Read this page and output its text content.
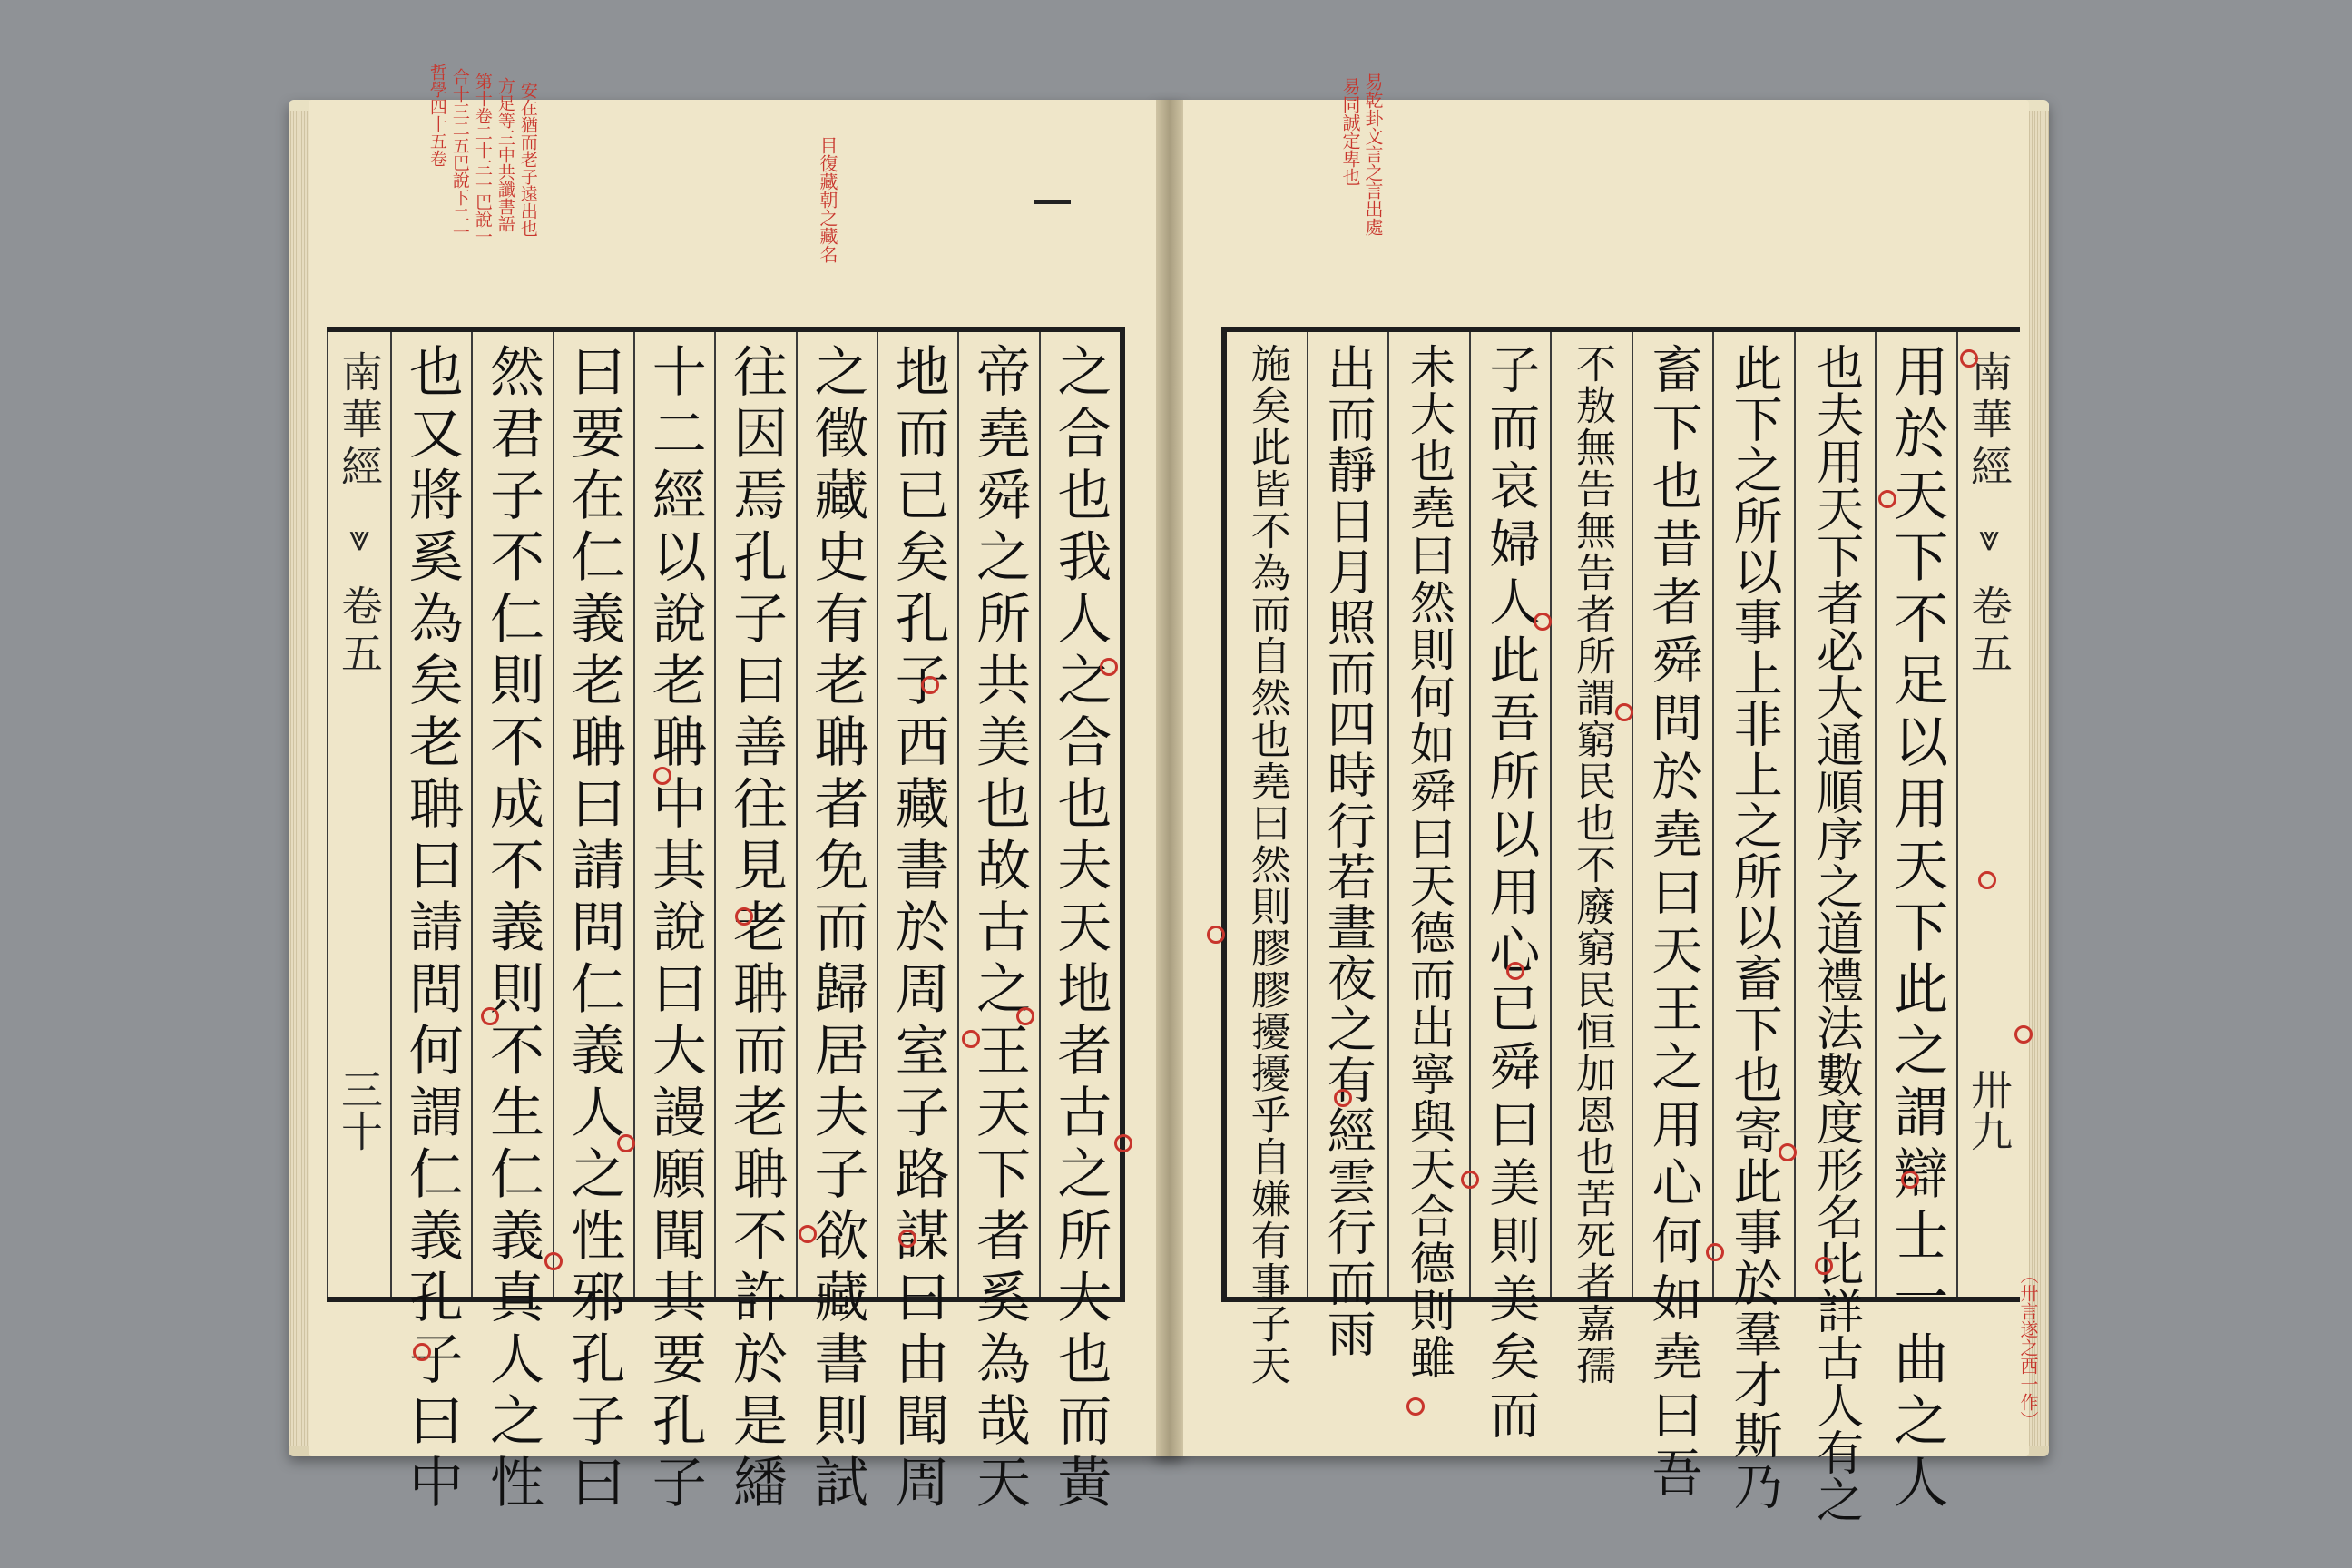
哲學四十五卷 合十三二五巴說下二一 第十卷二十三一巴說一 方足等三中共讖書語 安在猶而老子遠出也	目復藏朝之藏名
之合也我人之合也夫天地者古之所大也而黃
帝堯舜之所共美也故古之王天下者奚為哉天
地而已矣孔子西藏書於周室子路謀曰由聞周
之徵藏史有老聃者免而歸居夫子欲藏書則試
往因焉孔子曰善往見老聃而老聃不許於是繙
十二經以說老聃中其說曰大謾願聞其要孔子
曰要在仁義老聃曰請問仁義人之性邪孔子曰
然君子不仁則不成不義則不生仁義真人之性
也又將奚為矣老聃曰請問何謂仁義孔子曰中
南華經
⩔
卷五
三十
易乾卦文言之言出處
易同誠定卑也
南華經
⩔
卷五
卅九
用於天下不足以用天下此之謂辯士一曲之人
也夫用天下者必大通順序之道禮法數度形名比詳古人有之
此下之所以事上非上之所以畜下也寄此事於羣才斯乃
畜下也昔者舜問於堯曰天王之用心何如堯曰吾
不敖無告無告者所謂窮民也不廢窮民恒加恩也苦死者嘉孺
子而哀婦人此吾所以用心已舜曰美則美矣而
未大也堯曰然則何如舜曰天德而出寧與天合德則雖
出而靜日月照而四時行若晝夜之有經雲行而雨
施矣此皆不為而自然也堯曰然則膠膠擾擾乎自嫌有事子天	（卅言遂之西一作）
